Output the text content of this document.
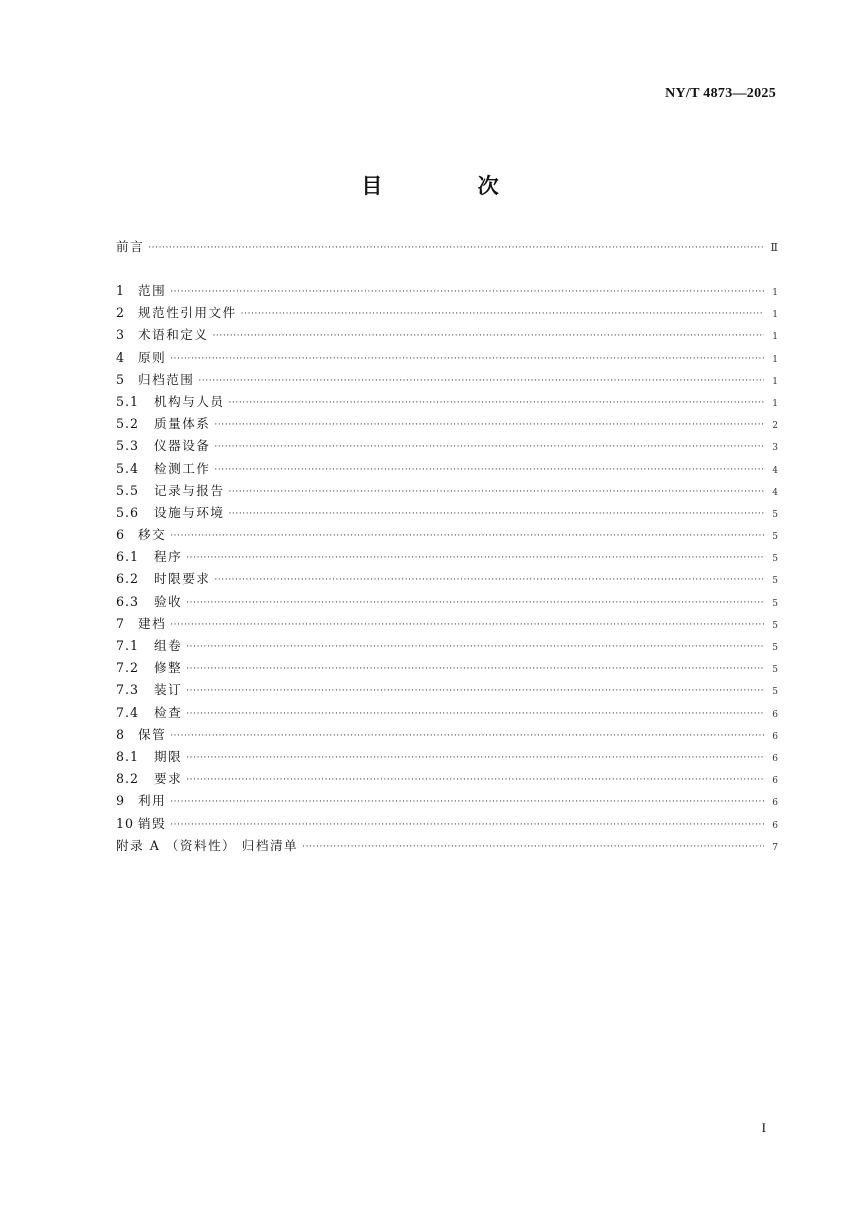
NY/T 4873—2025
目 次
前言 ·····	Ⅱ
1	范围 ·····	1
2	规范性引用文件 ·····	1
3	术语和定义 ·····	1
4	原则 ·····	1
5	归档范围 ·····	1
5.1	机构与人员 ·····	1
5.2	质量体系 ·····	2
5.3	仪器设备 ·····	3
5.4	检测工作 ·····	4
5.5	记录与报告 ·····	4
5.6	设施与环境 ·····	5
6	移交 ·····	5
6.1	程序 ·····	5
6.2	时限要求 ·····	5
6.3	验收 ·····	5
7	建档 ·····	5
7.1	组卷 ·····	5
7.2	修整 ·····	5
7.3	装订 ·····	5
7.4	检查 ·····	6
8	保管 ·····	6
8.1	期限 ·····	6
8.2	要求 ·····	6
9	利用 ·····	6
10 销毁 ·····	6
附录 A （资料性） 归档清单 ·····	7
I
